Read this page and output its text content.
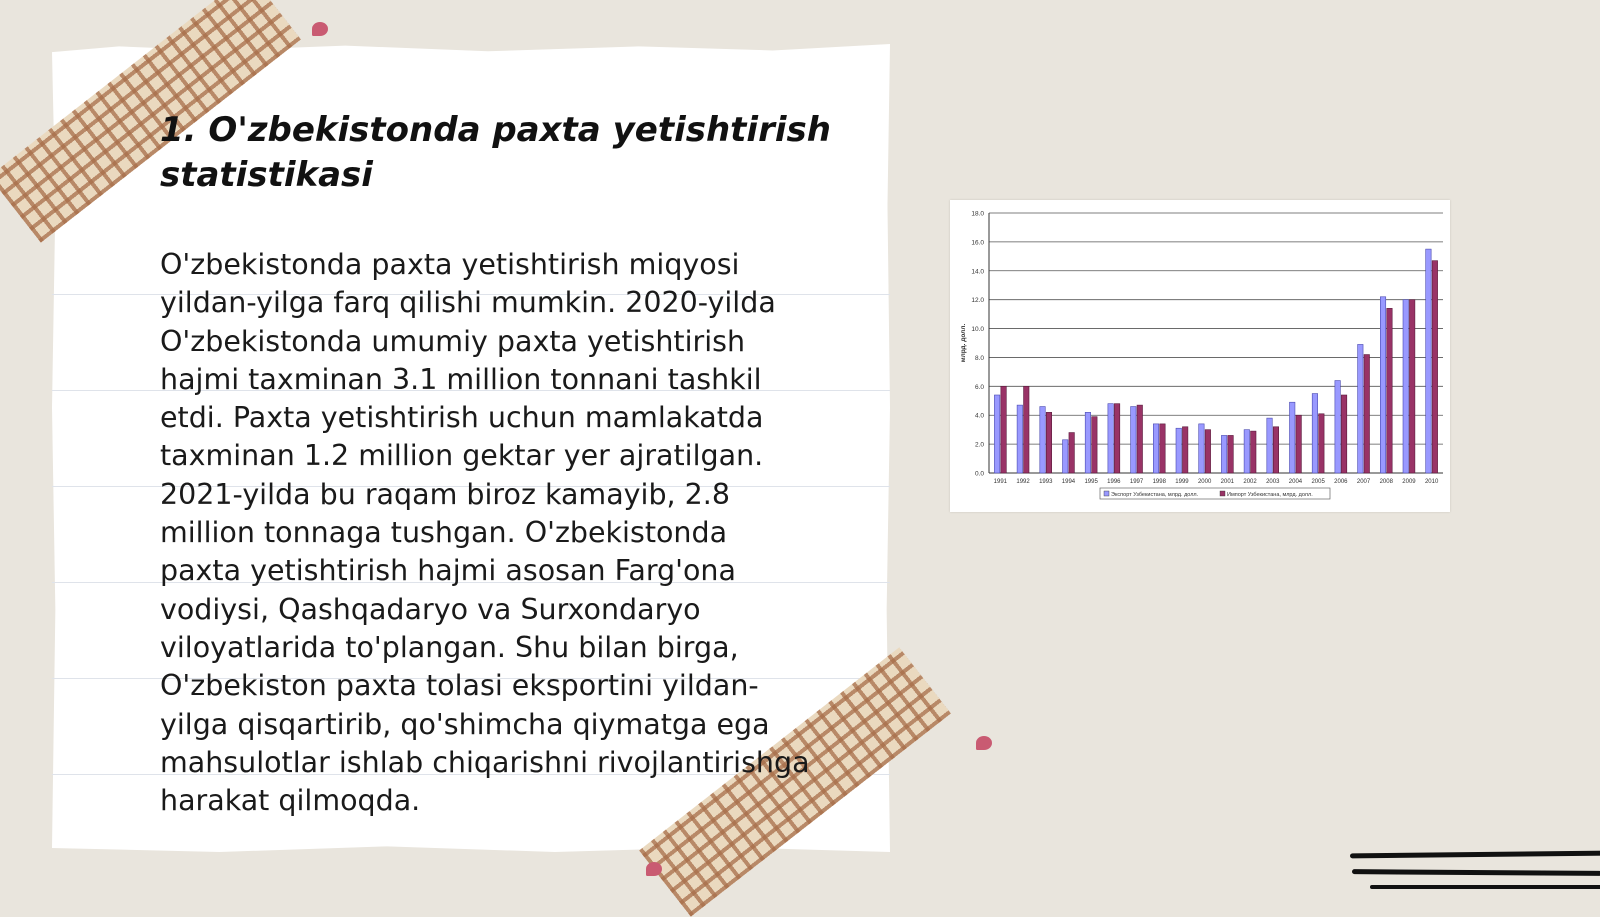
1. O'zbekistonda paxta yetishtirish statistikasi

O'zbekistonda paxta yetishtirish miqyosi yildan-yilga farq qilishi mumkin. 2020-yilda O'zbekistonda umumiy paxta yetishtirish hajmi taxminan 3.1 million tonnani tashkil etdi. Paxta yetishtirish uchun mamlakatda taxminan 1.2 million gektar yer ajratilgan. 2021-yilda bu raqam biroz kamayib, 2.8 million tonnaga tushgan. O'zbekistonda paxta yetishtirish hajmi asosan Farg'ona vodiysi, Qashqadaryo va Surxondaryo viloyatlarida to'plangan. Shu bilan birga, O'zbekiston paxta tolasi eksportini yildan-yilga qisqartirib, qo'shimcha qiymatga ega mahsulotlar ishlab chiqarishni rivojlantirishga harakat qilmoqda.

0.0
2.0
4.0
6.0
8.0
10.0
12.0
14.0
16.0
18.0
млрд. долл.
1991 1992 1993 1994 1995 1996 1997 1998 1999 2000 2001 2002 2003 2004 2005 2006 2007 2008 2009 2010
Экспорт Узбекистана, млрд. долл.	Импорт Узбекистана, млрд. долл.
